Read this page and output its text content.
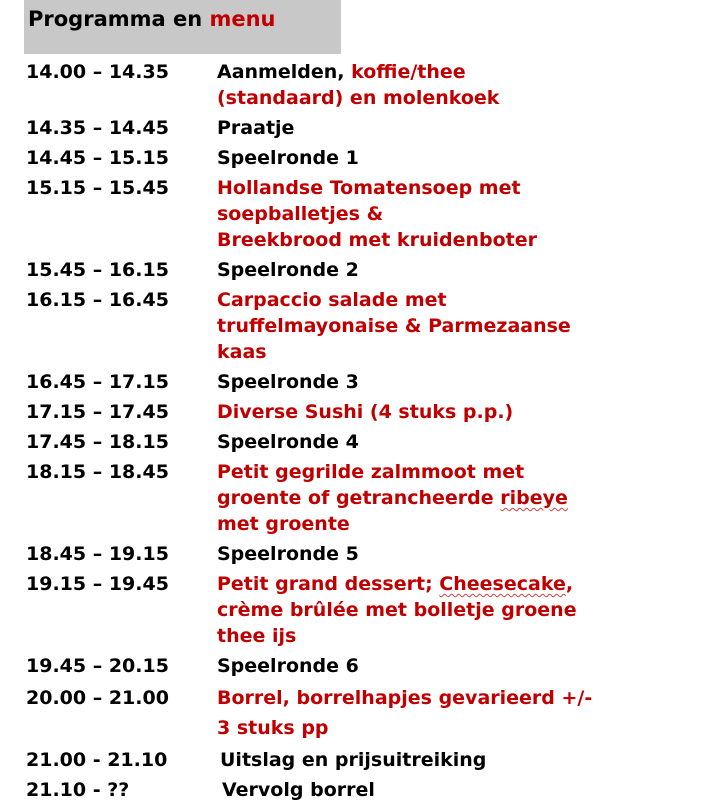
Programma en menu
14.00 – 14.35	Aanmelden, koffie/thee
(standaard) en molenkoek
14.35 – 14.45	Praatje
14.45 – 15.15	Speelronde 1
15.15 – 15.45	Hollandse Tomatensoep met
soepballetjes &
Breekbrood met kruidenboter
15.45 – 16.15	Speelronde 2
16.15 – 16.45	Carpaccio salade met
truffelmayonaise & Parmezaanse
kaas
16.45 – 17.15	Speelronde 3
17.15 – 17.45	Diverse Sushi (4 stuks p.p.)
17.45 – 18.15	Speelronde 4
18.15 – 18.45	Petit gegrilde zalmmoot met
groente of getrancheerde ribeye
met groente
18.45 – 19.15	Speelronde 5
19.15 – 19.45	Petit grand dessert; Cheesecake,
crème brûlée met bolletje groene
thee ijs
19.45 – 20.15	Speelronde 6
20.00 – 21.00	Borrel, borrelhapjes gevarieerd +/-
3 stuks pp
21.00 - 21.10	Uitslag en prijsuitreiking
21.10 - ??	Vervolg borrel
